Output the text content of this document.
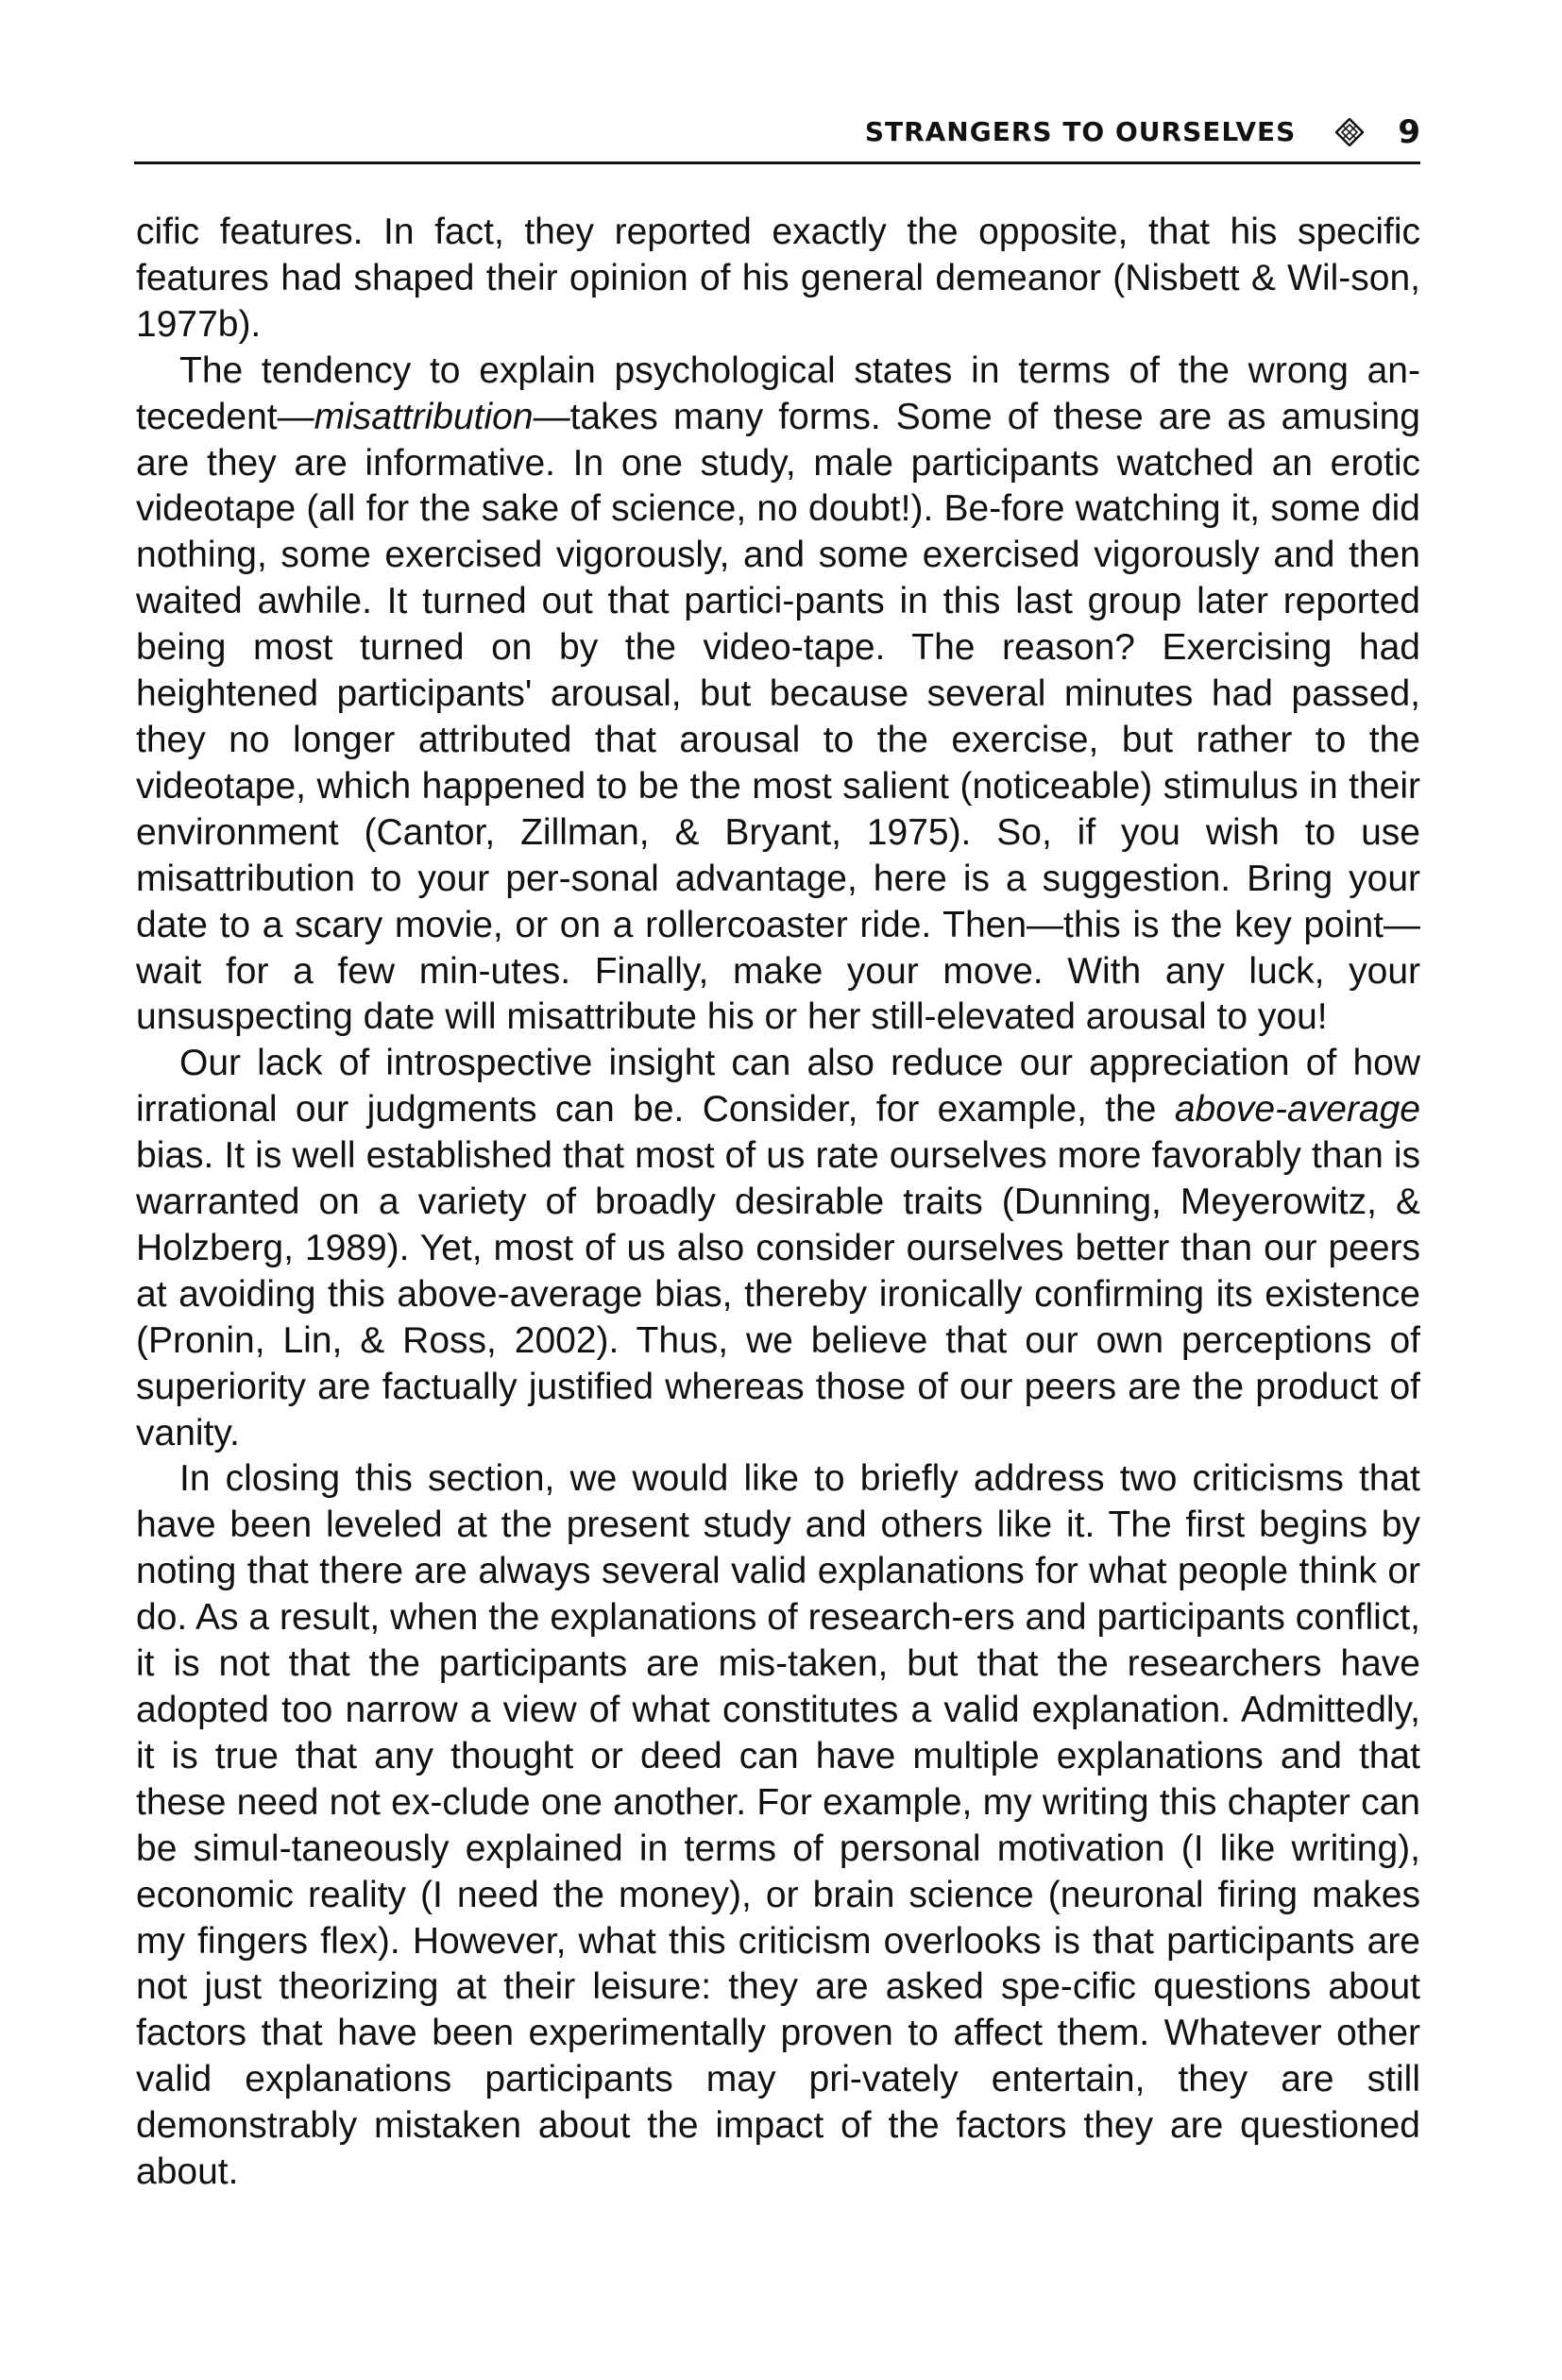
STRANGERS TO OURSELVES	9

cific features. In fact, they reported exactly the opposite, that his specific features had shaped their opinion of his general demeanor (Nisbett & Wil-son, 1977b).

The tendency to explain psychological states in terms of the wrong an-tecedent—misattribution—takes many forms. Some of these are as amusing are they are informative. In one study, male participants watched an erotic videotape (all for the sake of science, no doubt!). Be-fore watching it, some did nothing, some exercised vigorously, and some exercised vigorously and then waited awhile. It turned out that partici-pants in this last group later reported being most turned on by the video-tape. The reason? Exercising had heightened participants' arousal, but because several minutes had passed, they no longer attributed that arousal to the exercise, but rather to the videotape, which happened to be the most salient (noticeable) stimulus in their environment (Cantor, Zillman, & Bryant, 1975). So, if you wish to use misattribution to your per-sonal advantage, here is a suggestion. Bring your date to a scary movie, or on a rollercoaster ride. Then—this is the key point—wait for a few min-utes. Finally, make your move. With any luck, your unsuspecting date will misattribute his or her still-elevated arousal to you!

Our lack of introspective insight can also reduce our appreciation of how irrational our judgments can be. Consider, for example, the above-average bias. It is well established that most of us rate ourselves more favorably than is warranted on a variety of broadly desirable traits (Dunning, Meyerowitz, & Holzberg, 1989). Yet, most of us also consider ourselves better than our peers at avoiding this above-average bias, thereby ironically confirming its existence (Pronin, Lin, & Ross, 2002). Thus, we believe that our own perceptions of superiority are factually justified whereas those of our peers are the product of vanity.

In closing this section, we would like to briefly address two criticisms that have been leveled at the present study and others like it. The first begins by noting that there are always several valid explanations for what people think or do. As a result, when the explanations of research-ers and participants conflict, it is not that the participants are mis-taken, but that the researchers have adopted too narrow a view of what constitutes a valid explanation. Admittedly, it is true that any thought or deed can have multiple explanations and that these need not ex-clude one another. For example, my writing this chapter can be simul-taneously explained in terms of personal motivation (I like writing), economic reality (I need the money), or brain science (neuronal firing makes my fingers flex). However, what this criticism overlooks is that participants are not just theorizing at their leisure: they are asked spe-cific questions about factors that have been experimentally proven to affect them. Whatever other valid explanations participants may pri-vately entertain, they are still demonstrably mistaken about the impact of the factors they are questioned about.
